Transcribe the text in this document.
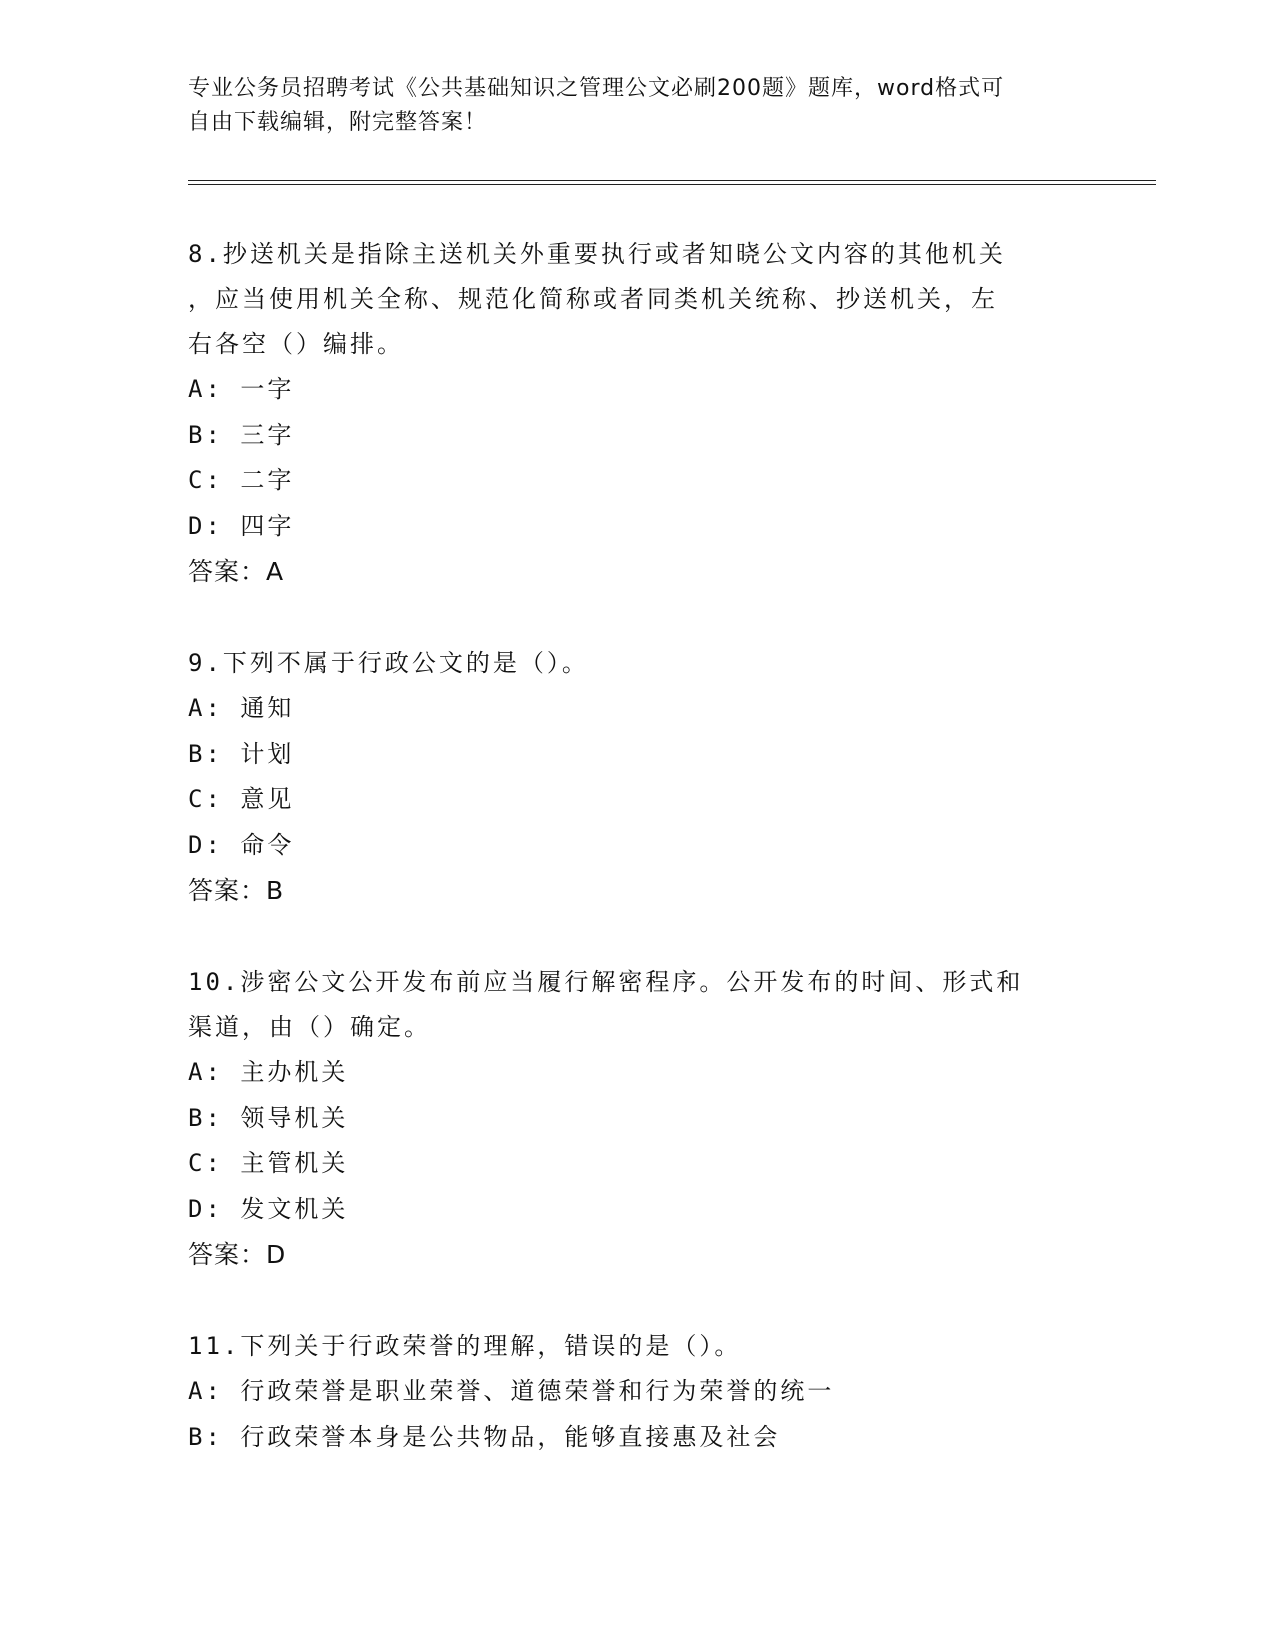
专业公务员招聘考试《公共基础知识之管理公文必刷200题》题库，word格式可
自由下载编辑，附完整答案！
8.抄送机关是指除主送机关外重要执行或者知晓公文内容的其他机关
，应当使用机关全称、规范化简称或者同类机关统称、抄送机关，左
右各空（）编排。
A: 一字
B: 三字
C: 二字
D: 四字
答案：A
9.下列不属于行政公文的是（）。
A: 通知
B: 计划
C: 意见
D: 命令
答案：B
10.涉密公文公开发布前应当履行解密程序。公开发布的时间、形式和
渠道，由（）确定。
A: 主办机关
B: 领导机关
C: 主管机关
D: 发文机关
答案：D
11.下列关于行政荣誉的理解，错误的是（）。
A: 行政荣誉是职业荣誉、道德荣誉和行为荣誉的统一
B: 行政荣誉本身是公共物品，能够直接惠及社会
